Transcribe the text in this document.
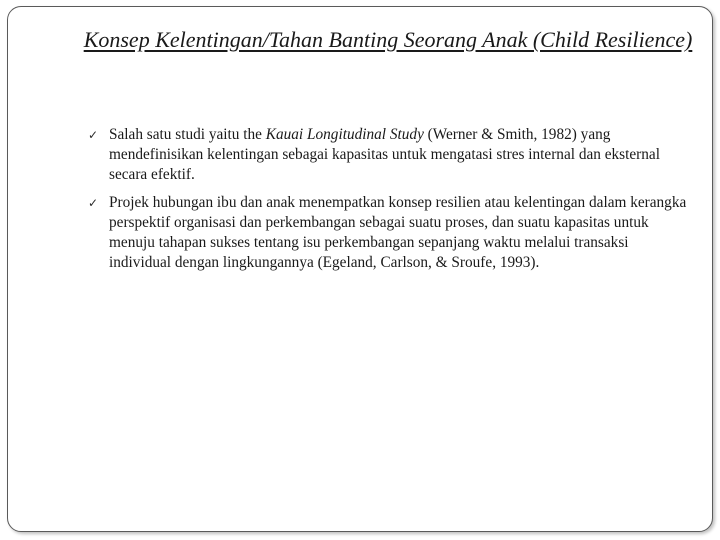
Konsep Kelentingan/Tahan Banting Seorang Anak (Child Resilience)
✓ Salah satu studi yaitu the Kauai Longitudinal Study (Werner & Smith, 1982) yang mendefinisikan kelentingan sebagai kapasitas untuk mengatasi stres internal dan eksternal secara efektif.
✓ Projek hubungan ibu dan anak menempatkan konsep resilien atau kelentingan dalam kerangka perspektif organisasi dan perkembangan sebagai suatu proses, dan suatu kapasitas untuk menuju tahapan sukses tentang isu perkembangan sepanjang waktu melalui transaksi individual dengan lingkungannya (Egeland, Carlson, & Sroufe, 1993).
